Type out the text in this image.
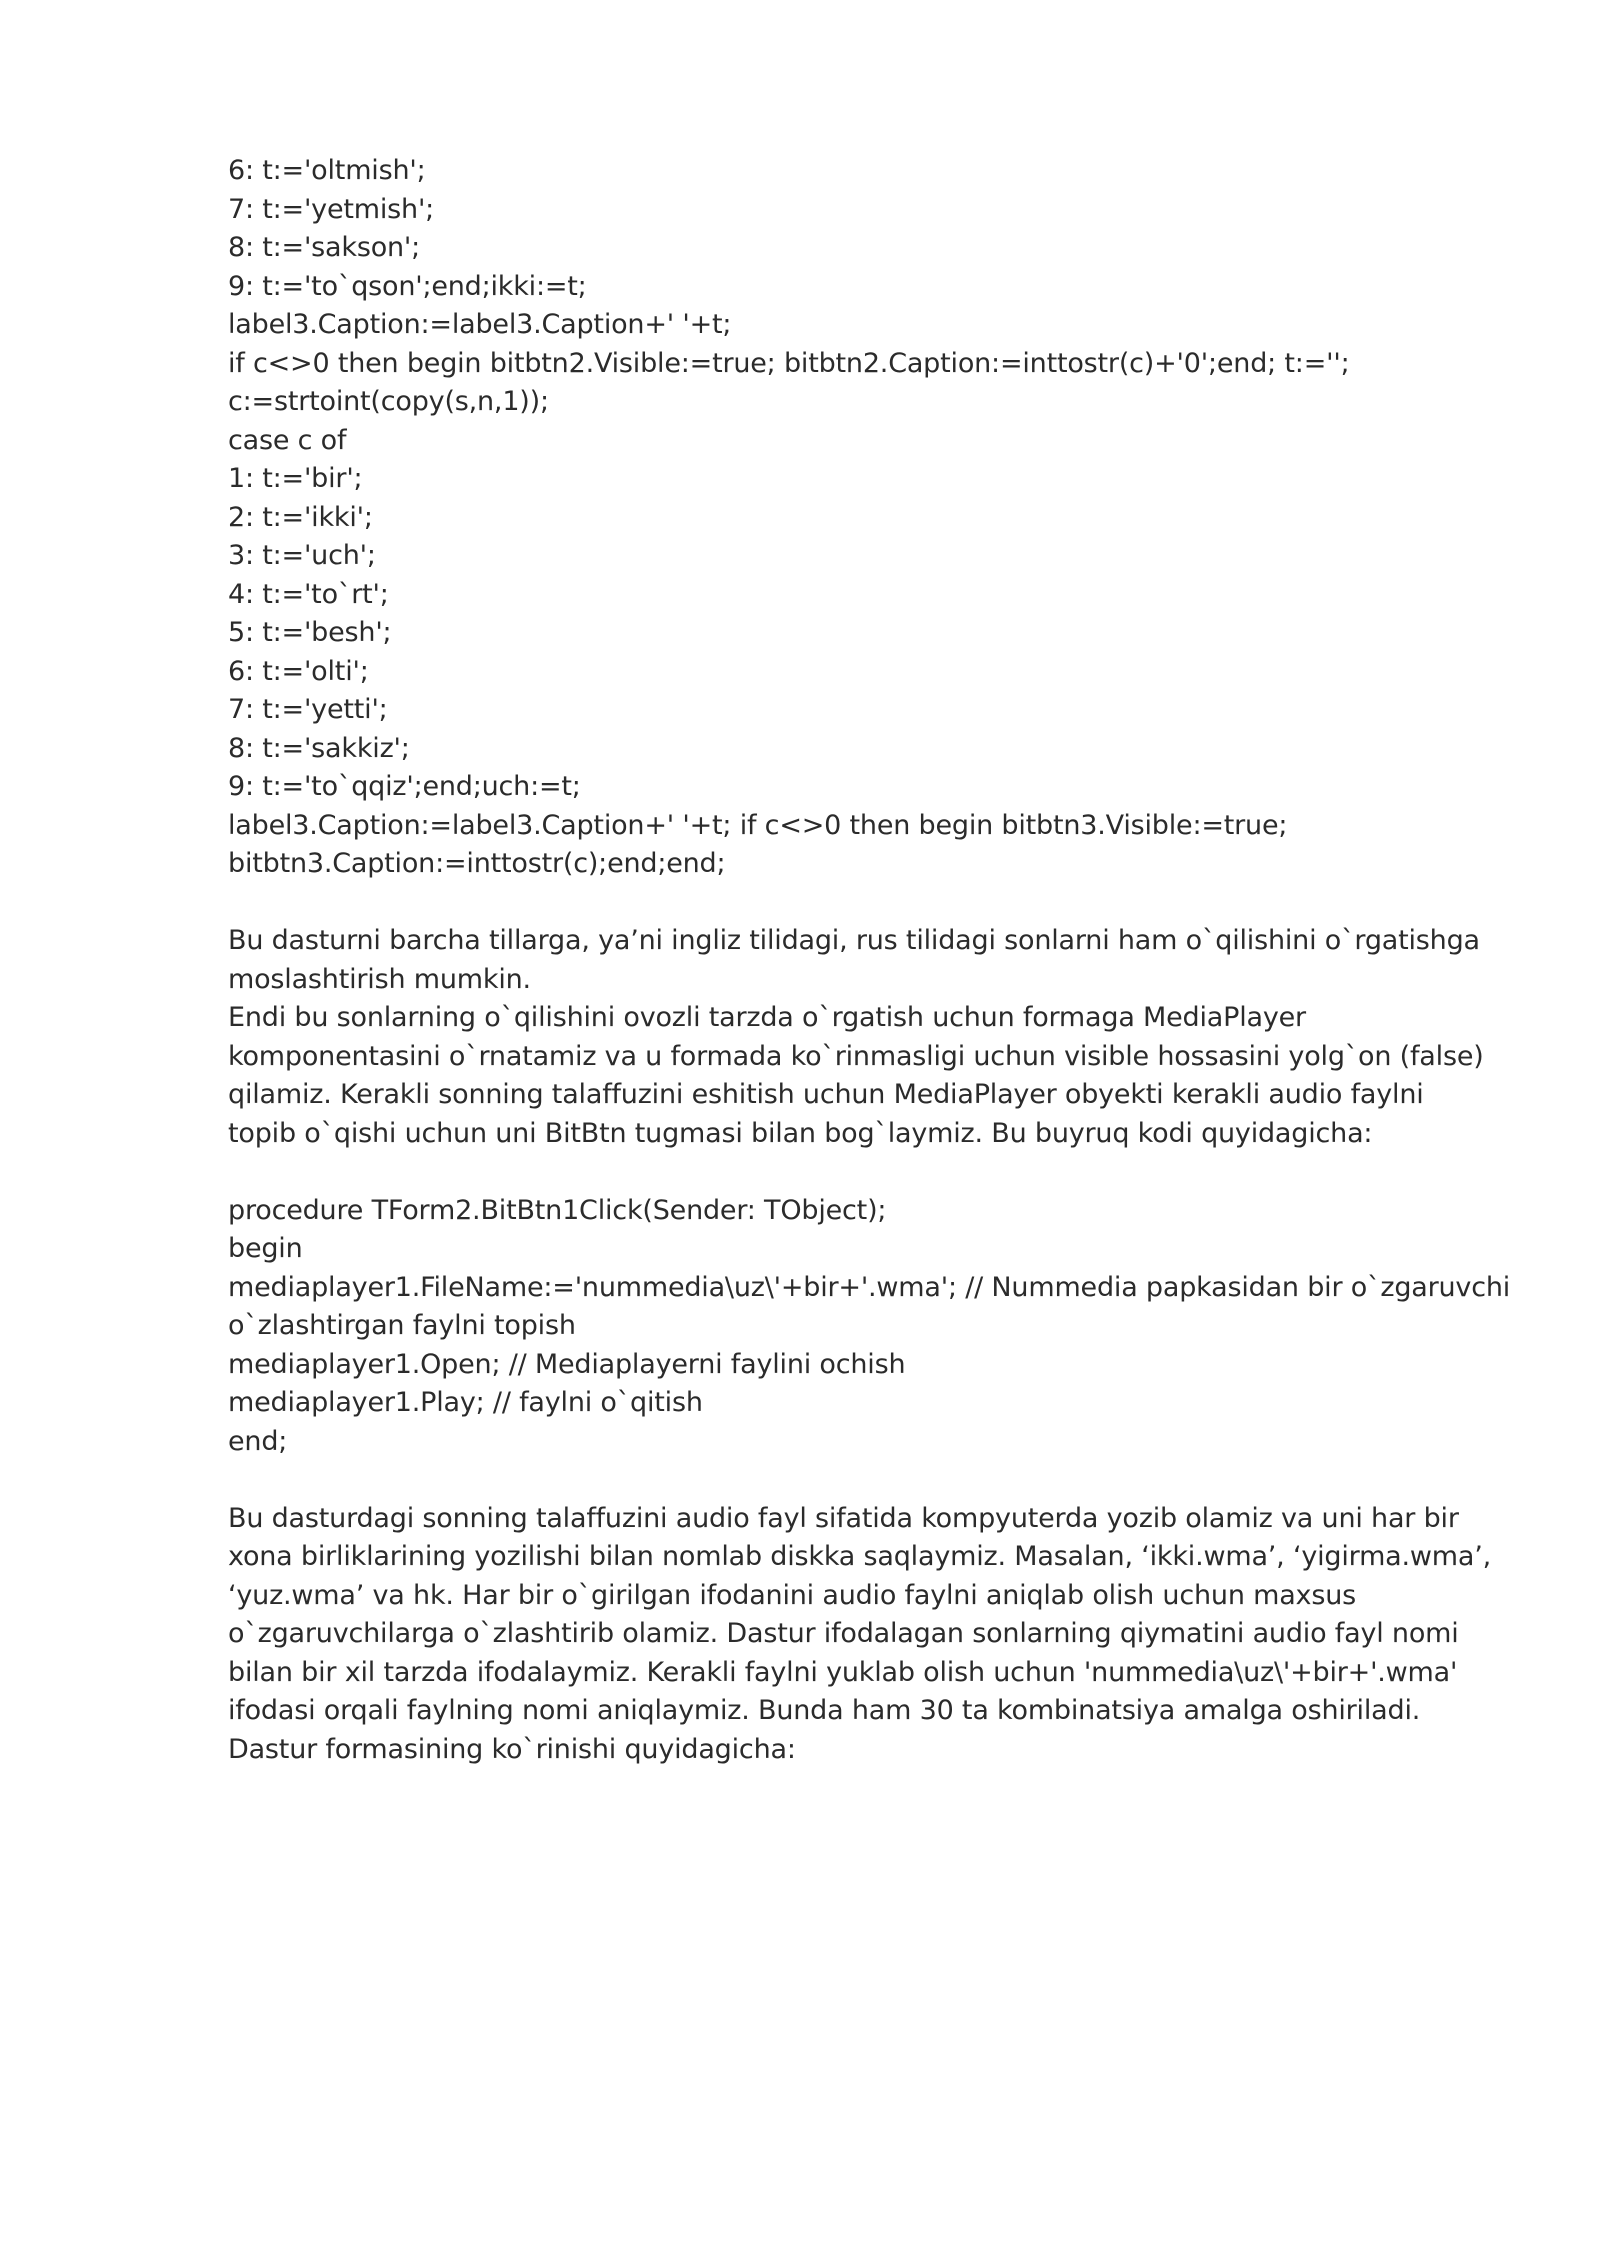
6: t:='oltmish';
7: t:='yetmish';
8: t:='sakson';
9: t:='to`qson';end;ikki:=t;
label3.Caption:=label3.Caption+' '+t;
if c<>0 then begin bitbtn2.Visible:=true; bitbtn2.Caption:=inttostr(c)+'0';end; t:='';
c:=strtoint(copy(s,n,1));
case c of
1: t:='bir';
2: t:='ikki';
3: t:='uch';
4: t:='to`rt';
5: t:='besh';
6: t:='olti';
7: t:='yetti';
8: t:='sakkiz';
9: t:='to`qqiz';end;uch:=t;
label3.Caption:=label3.Caption+' '+t; if c<>0 then begin bitbtn3.Visible:=true;
bitbtn3.Caption:=inttostr(c);end;end;
Bu dasturni barcha tillarga, ya’ni ingliz tilidagi, rus tilidagi sonlarni ham o`qilishini o`rgatishga
moslashtirish mumkin.
Endi bu sonlarning o`qilishini ovozli tarzda o`rgatish uchun formaga MediaPlayer
komponentasini o`rnatamiz va u formada ko`rinmasligi uchun visible hossasini yolg`on (false)
qilamiz. Kerakli sonning talaffuzini eshitish uchun MediaPlayer obyekti kerakli audio faylni
topib o`qishi uchun uni BitBtn tugmasi bilan bog`laymiz. Bu buyruq kodi quyidagicha:
procedure TForm2.BitBtn1Click(Sender: TObject);
begin
mediaplayer1.FileName:='nummedia\uz\'+bir+'.wma'; // Nummedia papkasidan bir o`zgaruvchi
o`zlashtirgan faylni topish
mediaplayer1.Open; // Mediaplayerni faylini ochish
mediaplayer1.Play; // faylni o`qitish
end;
Bu dasturdagi sonning talaffuzini audio fayl sifatida kompyuterda yozib olamiz va uni har bir
xona birliklarining yozilishi bilan nomlab diskka saqlaymiz. Masalan, ‘ikki.wma’, ‘yigirma.wma’,
‘yuz.wma’ va hk. Har bir o`girilgan ifodanini audio faylni aniqlab olish uchun maxsus
o`zgaruvchilarga o`zlashtirib olamiz. Dastur ifodalagan sonlarning qiymatini audio fayl nomi
bilan bir xil tarzda ifodalaymiz. Kerakli faylni yuklab olish uchun 'nummedia\uz\'+bir+'.wma'
ifodasi orqali faylning nomi aniqlaymiz. Bunda ham 30 ta kombinatsiya amalga oshiriladi.
Dastur formasining ko`rinishi quyidagicha:
